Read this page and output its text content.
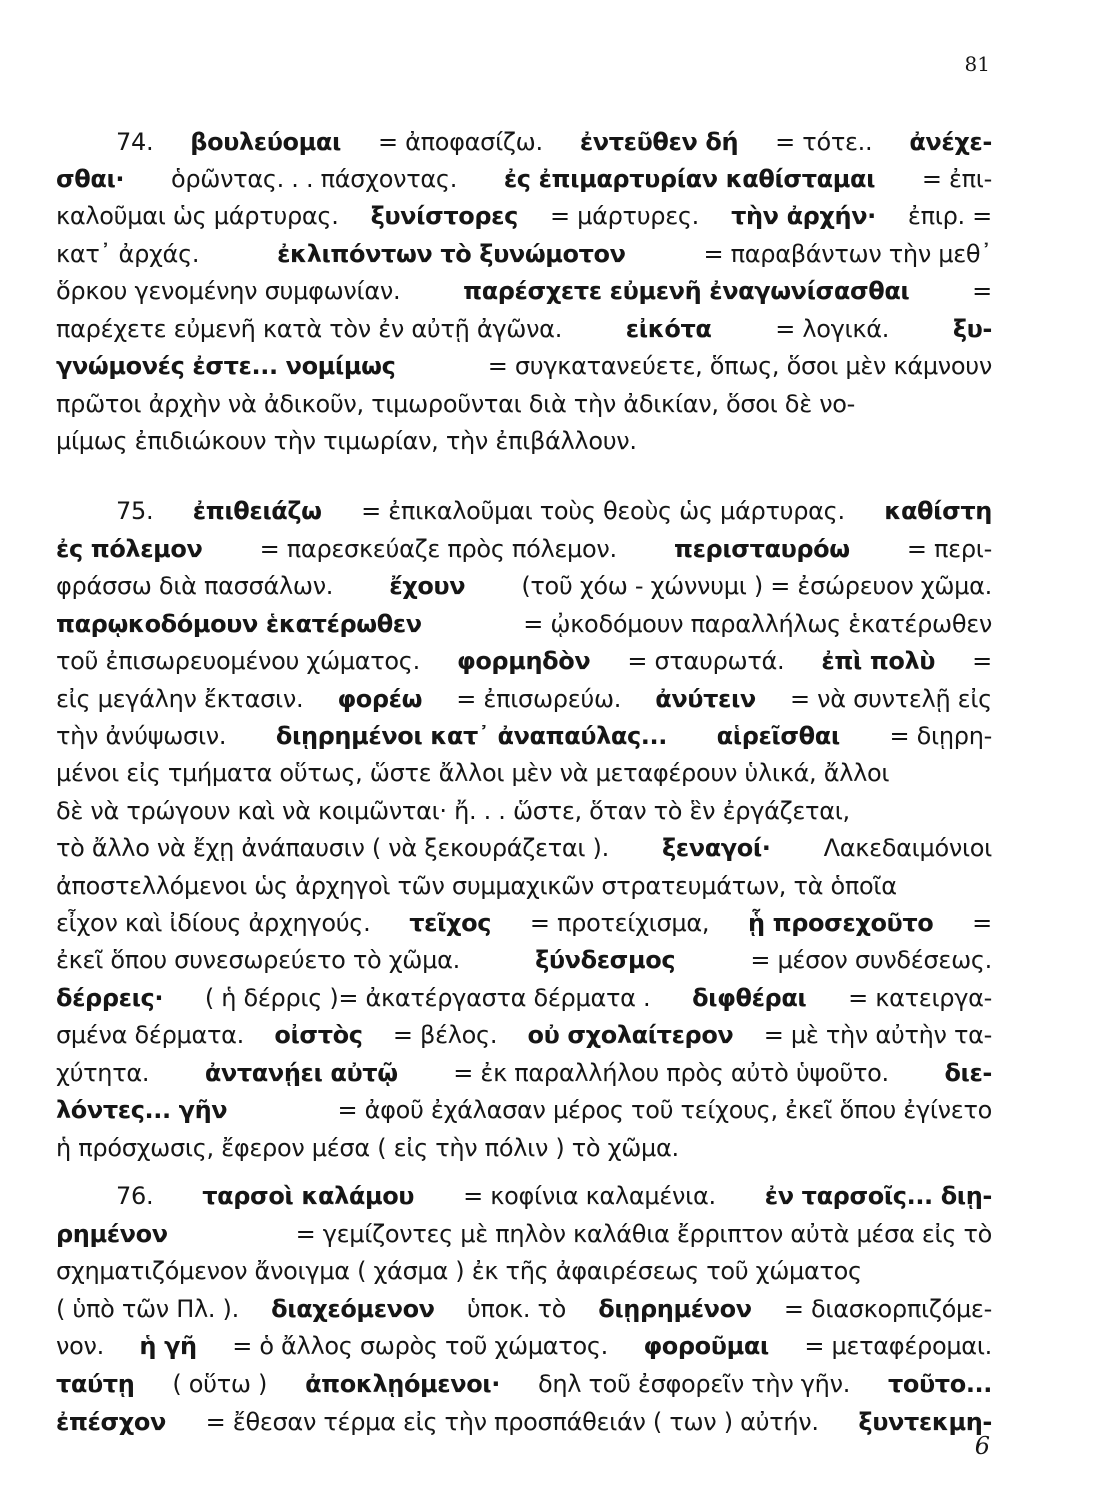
81
74. βουλεύομαι = ἀποφασίζω. ἐντεῦθεν δή = τότε.. ἀνέχε-
σθαι· ὁρῶντας. . . πάσχοντας. ἐς ἐπιμαρτυρίαν καθίσταμαι = ἐπι-
καλοῦμαι ὡς μάρτυρας. ξυνίστορες = μάρτυρες. τὴν ἀρχήν· ἐπιρ. =
κατ᾽ ἀρχάς.	ἐκλιπόντων τὸ ξυνώμοτον	= παραβάντων τὴν μεθ᾽
ὅρκου γενομένην συμφωνίαν.	παρέσχετε εὐμενῆ ἐναγωνίσασθαι	=
παρέχετε εὐμενῆ κατὰ τὸν ἐν αὐτῇ ἀγῶνα.	εἰκότα	= λογικά.	ξυ-
γνώμονές ἐστε... νομίμως	= συγκατανεύετε, ὅπως, ὅσοι μὲν κάμνουν
πρῶτοι ἀρχὴν νὰ ἀδικοῦν, τιμωροῦνται διὰ τὴν ἀδικίαν, ὅσοι δὲ νο-
μίμως ἐπιδιώκουν τὴν τιμωρίαν, τὴν ἐπιβάλλουν.
75. ἐπιθειάζω = ἐπικαλοῦμαι τοὺς θεοὺς ὡς μάρτυρας. καθίστη
ἐς πόλεμον = παρεσκεύαζε πρὸς πόλεμον. περισταυρόω = περι-
φράσσω διὰ πασσάλων. ἔχουν (τοῦ χόω - χώννυμι ) = ἐσώρευον χῶμα.
παρῳκοδόμουν ἑκατέρωθεν	= ᾠκοδόμουν παραλλήλως ἑκατέρωθεν
τοῦ ἐπισωρευομένου χώματος. φορμηδὸν = σταυρωτά. ἐπὶ πολὺ =
εἰς μεγάλην ἔκτασιν. φορέω = ἐπισωρεύω. ἀνύτειν = νὰ συντελῇ εἰς
τὴν ἀνύψωσιν. διῃρημένοι κατ᾽ ἀναπαύλας... αἱρεῖσθαι = διῃρη-
μένοι εἰς τμήματα οὕτως, ὥστε ἄλλοι μὲν νὰ μεταφέρουν ὑλικά, ἄλλοι
δὲ νὰ τρώγουν καὶ νὰ κοιμῶνται· ἤ. . . ὥστε, ὅταν τὸ ἓν ἐργάζεται,
τὸ ἄλλο νὰ ἔχῃ ἀνάπαυσιν ( νὰ ξεκουράζεται ). ξεναγοί· Λακεδαιμόνιοι
ἀποστελλόμενοι ὡς ἀρχηγοὶ τῶν συμμαχικῶν στρατευμάτων, τὰ ὁποῖα
εἶχον καὶ ἰδίους ἀρχηγούς. τεῖχος = προτείχισμα, ᾗ προσεχοῦτο =
ἐκεῖ ὅπου συνεσωρεύετο τὸ χῶμα.	ξύνδεσμος	= μέσον συνδέσεως.
δέρρεις· ( ἡ δέρρις )= ἀκατέργαστα δέρματα . διφθέραι = κατειργα-
σμένα δέρματα. οἰστὸς = βέλος. οὐ σχολαίτερον = μὲ τὴν αὐτὴν τα-
χύτητα. ἀντανῄει αὐτῷ = ἐκ παραλλήλου πρὸς αὐτὸ ὑψοῦτο. διε-
λόντες... γῆν	= ἀφοῦ ἐχάλασαν μέρος τοῦ τείχους, ἐκεῖ ὅπου ἐγίνετο
ἡ πρόσχωσις, ἔφερον μέσα ( εἰς τὴν πόλιν ) τὸ χῶμα.
76. ταρσοὶ καλάμου = κοφίνια καλαμένια. ἐν ταρσοῖς... διῃ-
ρημένον	= γεμίζοντες μὲ πηλὸν καλάθια ἔρριπτον αὐτὰ μέσα εἰς τὸ
σχηματιζόμενον ἄνοιγμα ( χάσμα ) ἐκ τῆς ἀφαιρέσεως τοῦ χώματος
( ὑπὸ τῶν Πλ. ). διαχεόμενον ὑποκ. τὸ διῃρημένον = διασκορπιζόμε-
νον. ἡ γῆ = ὁ ἄλλος σωρὸς τοῦ χώματος. φοροῦμαι = μεταφέρομαι.
ταύτῃ ( οὕτω ) ἀποκλῃόμενοι· δηλ τοῦ ἐσφορεῖν τὴν γῆν. τοῦτο...
ἐπέσχον = ἔθεσαν τέρμα εἰς τὴν προσπάθειάν ( των ) αὐτήν. ξυντεκμη-
6
